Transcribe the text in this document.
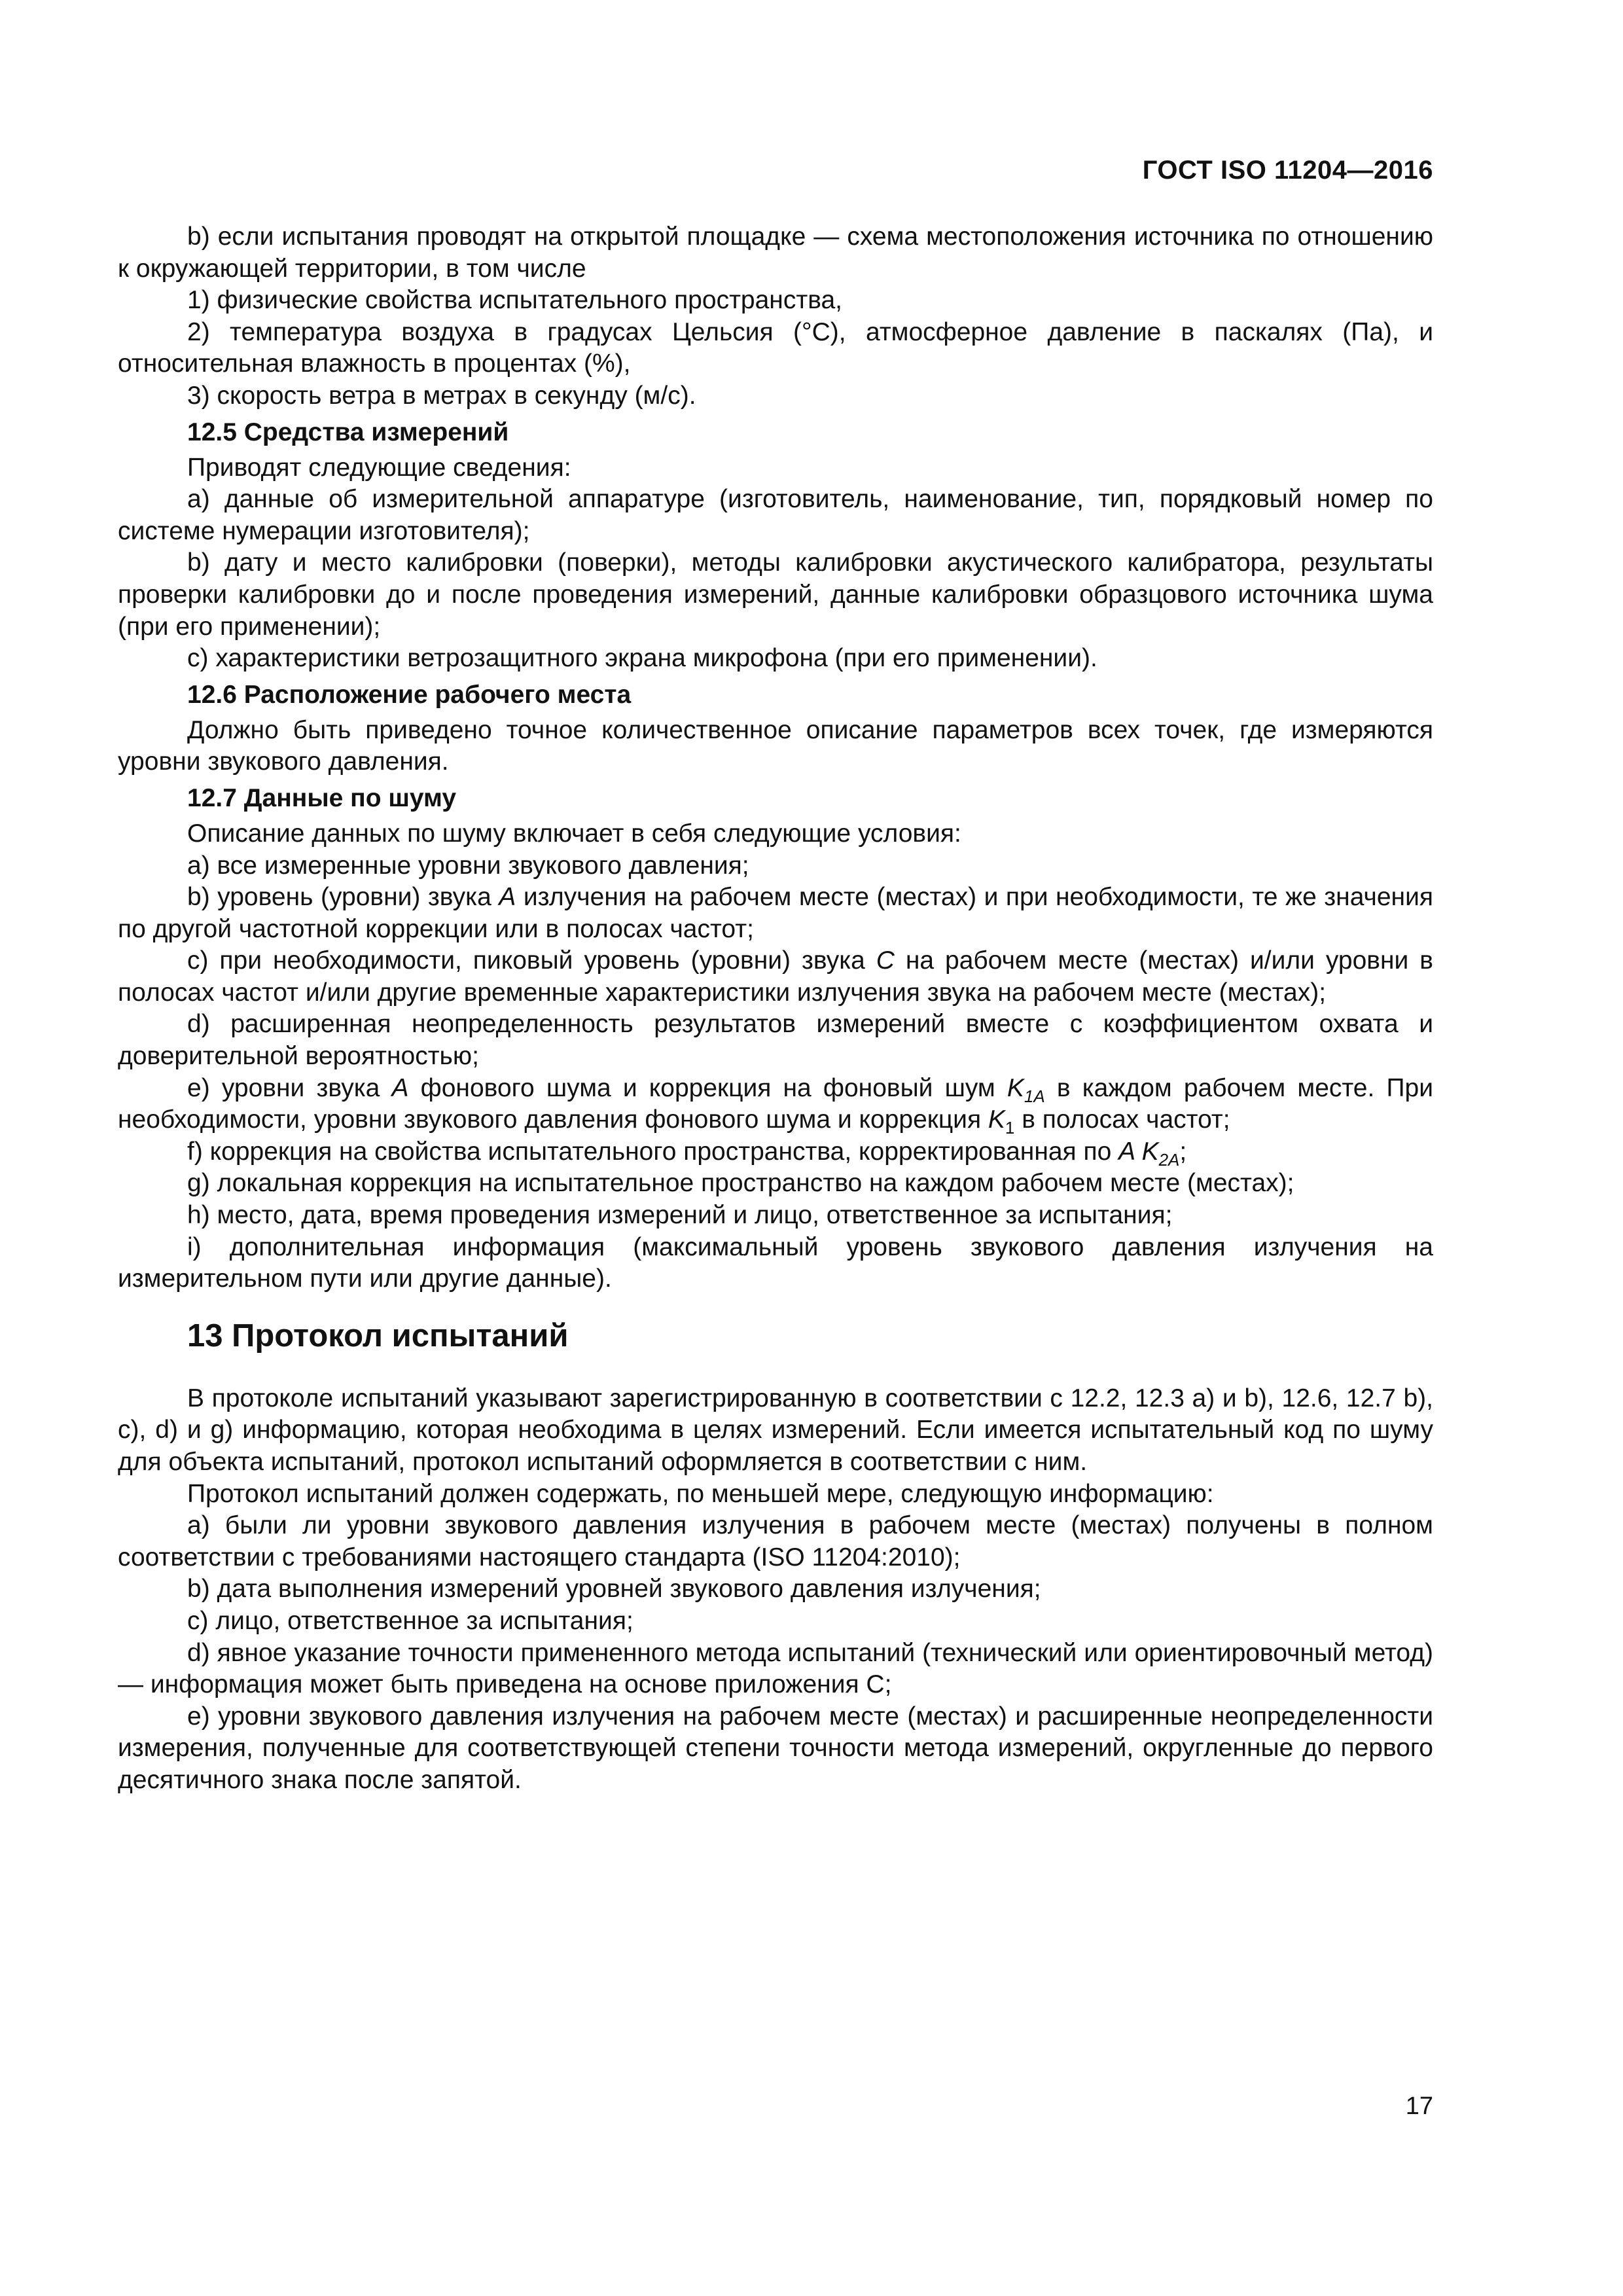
ГОСТ ISO 11204—2016

b) если испытания проводят на открытой площадке — схема местоположения источника по отношению к окружающей территории, в том числе

1) физические свойства испытательного пространства,

2) температура воздуха в градусах Цельсия (°C), атмосферное давление в паскалях (Па), и относительная влажность в процентах (%),

3) скорость ветра в метрах в секунду (м/с).

12.5 Средства измерений

Приводят следующие сведения:

a) данные об измерительной аппаратуре (изготовитель, наименование, тип, порядковый номер по системе нумерации изготовителя);

b) дату и место калибровки (поверки), методы калибровки акустического калибратора, результаты проверки калибровки до и после проведения измерений, данные калибровки образцового источника шума (при его применении);

c) характеристики ветрозащитного экрана микрофона (при его применении).

12.6 Расположение рабочего места

Должно быть приведено точное количественное описание параметров всех точек, где измеряются уровни звукового давления.

12.7 Данные по шуму

Описание данных по шуму включает в себя следующие условия:

a) все измеренные уровни звукового давления;

b) уровень (уровни) звука A излучения на рабочем месте (местах) и при необходимости, те же значения по другой частотной коррекции или в полосах частот;

c) при необходимости, пиковый уровень (уровни) звука C на рабочем месте (местах) и/или уровни в полосах частот и/или другие временные характеристики излучения звука на рабочем месте (местах);

d) расширенная неопределенность результатов измерений вместе с коэффициентом охвата и доверительной вероятностью;

e) уровни звука A фонового шума и коррекция на фоновый шум $K_{1A}$ в каждом рабочем месте. При необходимости, уровни звукового давления фонового шума и коррекция $K_1$ в полосах частот;

f) коррекция на свойства испытательного пространства, корректированная по A $K_{2A}$;

g) локальная коррекция на испытательное пространство на каждом рабочем месте (местах);

h) место, дата, время проведения измерений и лицо, ответственное за испытания;

i) дополнительная информация (максимальный уровень звукового давления излучения на измерительном пути или другие данные).

13 Протокол испытаний

В протоколе испытаний указывают зарегистрированную в соответствии с 12.2, 12.3 a) и b), 12.6, 12.7 b), c), d) и g) информацию, которая необходима в целях измерений. Если имеется испытательный код по шуму для объекта испытаний, протокол испытаний оформляется в соответствии с ним.

Протокол испытаний должен содержать, по меньшей мере, следующую информацию:

a) были ли уровни звукового давления излучения в рабочем месте (местах) получены в полном соответствии с требованиями настоящего стандарта (ISO 11204:2010);

b) дата выполнения измерений уровней звукового давления излучения;

c) лицо, ответственное за испытания;

d) явное указание точности примененного метода испытаний (технический или ориентировочный метод) — информация может быть приведена на основе приложения С;

e) уровни звукового давления излучения на рабочем месте (местах) и расширенные неопределенности измерения, полученные для соответствующей степени точности метода измерений, округленные до первого десятичного знака после запятой.

17
